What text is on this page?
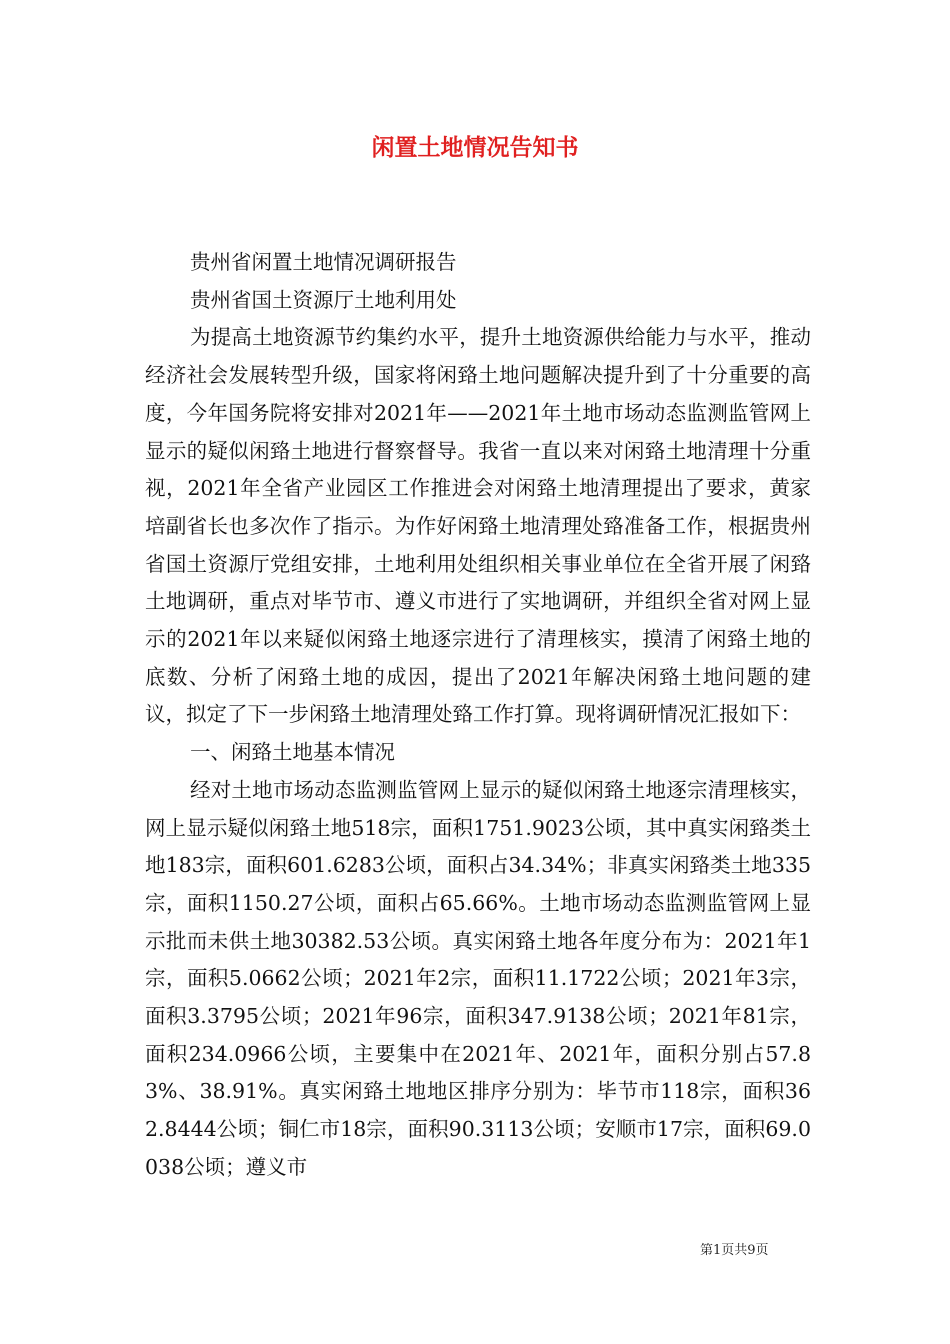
闲置土地情况告知书

贵州省闲置土地情况调研报告

贵州省国土资源厅土地利用处

为提高土地资源节约集约水平，提升土地资源供给能力与水平，推动经济社会发展转型升级，国家将闲臵土地问题解决提升到了十分重要的高度，今年国务院将安排对2021年——2021年土地市场动态监测监管网上显示的疑似闲臵土地进行督察督导。我省一直以来对闲臵土地清理十分重视，2021年全省产业园区工作推进会对闲臵土地清理提出了要求，黄家培副省长也多次作了指示。为作好闲臵土地清理处臵准备工作，根据贵州省国土资源厅党组安排，土地利用处组织相关事业单位在全省开展了闲臵土地调研，重点对毕节市、遵义市进行了实地调研，并组织全省对网上显示的2021年以来疑似闲臵土地逐宗进行了清理核实，摸清了闲臵土地的底数、分析了闲臵土地的成因，提出了2021年解决闲臵土地问题的建议，拟定了下一步闲臵土地清理处臵工作打算。现将调研情况汇报如下：

一、闲臵土地基本情况

经对土地市场动态监测监管网上显示的疑似闲臵土地逐宗清理核实，网上显示疑似闲臵土地518宗，面积1751.9023公顷，其中真实闲臵类土地183宗，面积601.6283公顷，面积占34.34%；非真实闲臵类土地335宗，面积1150.27公顷，面积占65.66%。土地市场动态监测监管网上显示批而未供土地30382.53公顷。真实闲臵土地各年度分布为：2021年1宗，面积5.0662公顷；2021年2宗，面积11.1722公顷；2021年3宗，面积3.3795公顷；2021年96宗，面积347.9138公顷；2021年81宗，面积234.0966公顷，主要集中在2021年、2021年，面积分别占57.83%、38.91%。真实闲臵土地地区排序分别为：毕节市118宗，面积362.8444公顷；铜仁市18宗，面积90.3113公顷；安顺市17宗，面积69.0038公顷；遵义市

第1页共9页
